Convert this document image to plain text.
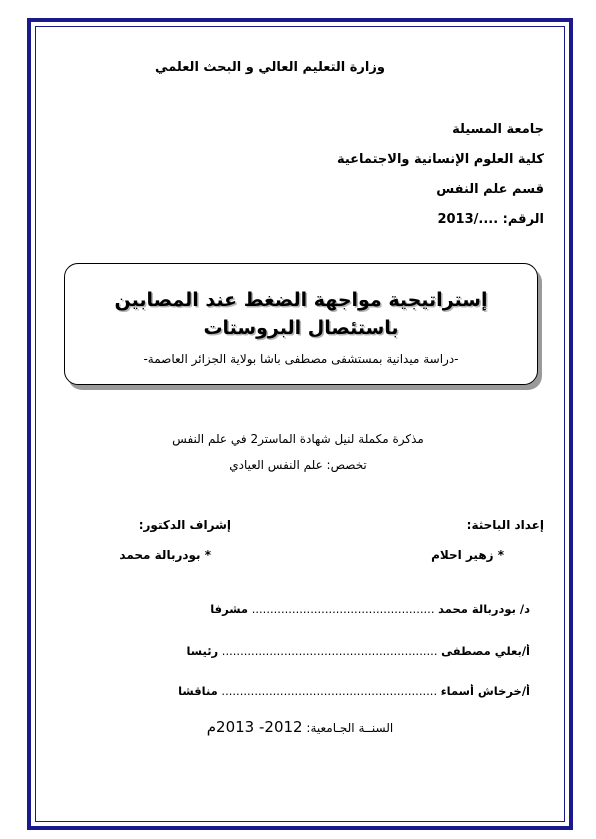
وزارة التعليم العالي و البحث العلمي
جامعة المسيلة
كلية العلوم الإنسانية والاجتماعية
قسم علم النفس
الرقم: ..../2013
إستراتيجية مواجهة الضغط عند المصابين باستئصال البروستات
-دراسة ميدانية بمستشفى مصطفى باشا بولاية الجزائر العاصمة-
مذكرة مكملة لنيل شهادة الماستر2 في علم النفس
تخصص: علم النفس العيادي
إعداد الباحثة:
إشراف الدكتور:
* زهير احلام
* بودربالة محمد
د/ بودربالة محمد .................................................. مشرفا
أ/بعلي مصطفى ........................................................... رئيسا
أ/خرخاش أسماء ........................................................... مناقشا
السنــة الجـامعية: 2012- 2013م
